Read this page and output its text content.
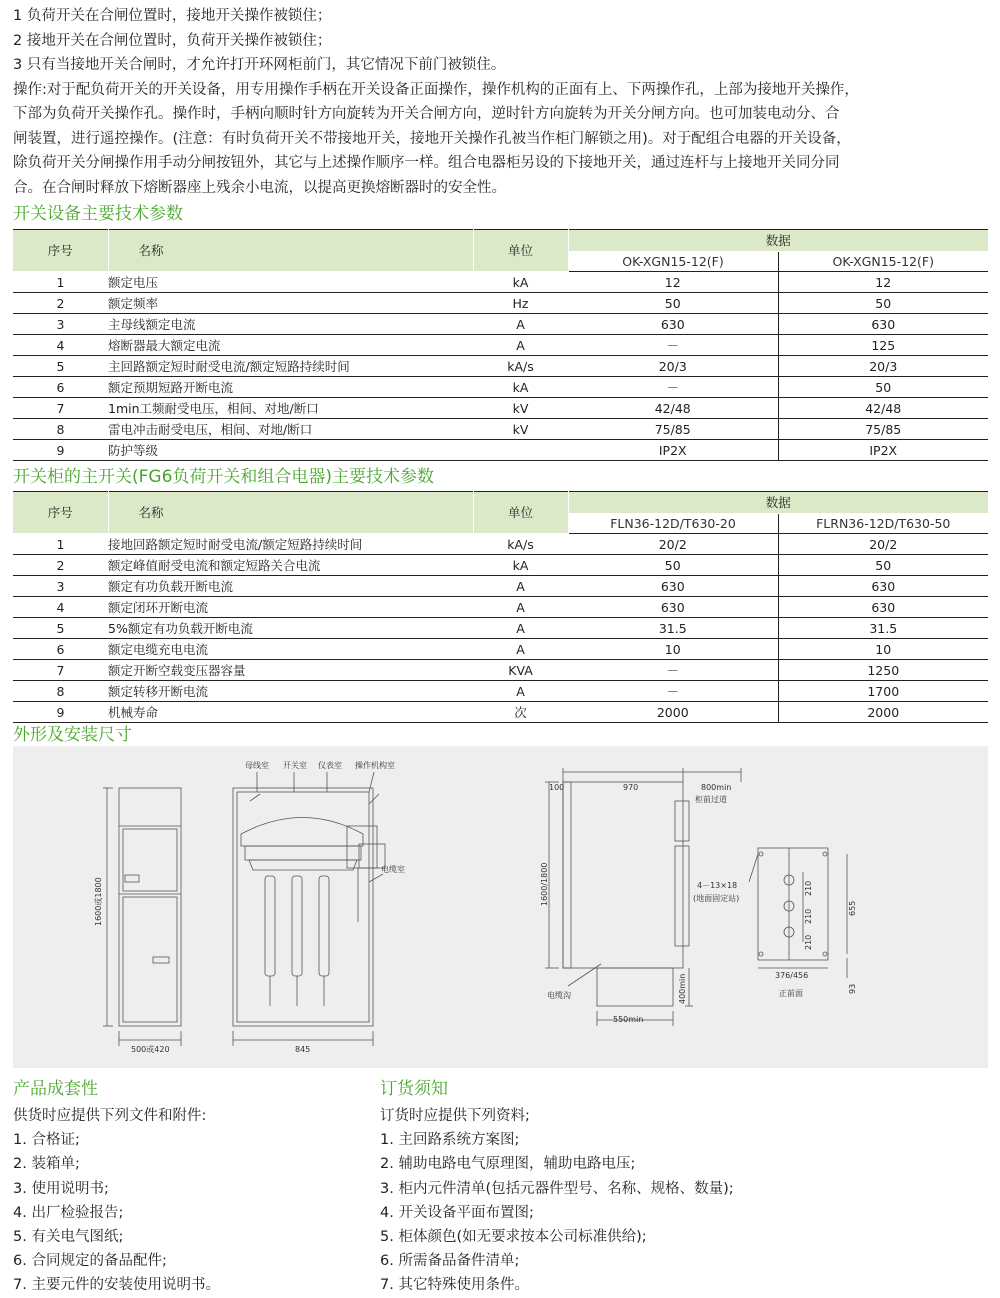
1 负荷开关在合闸位置时，接地开关操作被锁住；

2 接地开关在合闸位置时，负荷开关操作被锁住；

3 只有当接地开关合闸时，才允许打开环网柜前门，其它情况下前门被锁住。

操作:对于配负荷开关的开关设备，用专用操作手柄在开关设备正面操作，操作机构的正面有上、下两操作孔，上部为接地开关操作，

下部为负荷开关操作孔。操作时，手柄向顺时针方向旋转为开关合闸方向，逆时针方向旋转为开关分闸方向。也可加装电动分、合

闸装置，进行遥控操作。(注意：有时负荷开关不带接地开关，接地开关操作孔被当作柜门解锁之用)。对于配组合电器的开关设备，

除负荷开关分闸操作用手动分闸按钮外，其它与上述操作顺序一样。组合电器柜另设的下接地开关，通过连杆与上接地开关同分同

合。在合闸时释放下熔断器座上残余小电流，以提高更换熔断器时的安全性。

开关设备主要技术参数
序号	名称	单位	数据	
			OK-XGN15-12(F)	OK-XGN15-12(F)
1	额定电压	kA	12	12
2	额定频率	Hz	50	50
3	主母线额定电流	A	630	630
4	熔断器最大额定电流	A	－	125
5	主回路额定短时耐受电流/额定短路持续时间	kA/s	20/3	20/3
6	额定预期短路开断电流	kA	－	50
7	1min工频耐受电压，相间、对地/断口	kV	42/48	42/48
8	雷电冲击耐受电压，相间、对地/断口	kV	75/85	75/85
9	防护等级		IP2X	IP2X
开关柜的主开关(FG6负荷开关和组合电器)主要技术参数
序号	名称	单位	数据	
			FLN36-12D/T630-20	FLRN36-12D/T630-50
1	接地回路额定短时耐受电流/额定短路持续时间	kA/s	20/2	20/2
2	额定峰值耐受电流和额定短路关合电流	kA	50	50
3	额定有功负载开断电流	A	630	630
4	额定闭环开断电流	A	630	630
5	5%额定有功负载开断电流	A	31.5	31.5
6	额定电缆充电电流	A	10	10
7	额定开断空载变压器容量	KVA	－	1250
8	额定转移开断电流	A	－	1700
9	机械寿命	次	2000	2000
外形及安装尺寸
母线室 开关室 仪表室 操作机构室
电缆室
1600或1800
500或420	845
100	970	800min
柜前过道
1600/1800
电缆沟	400min
550min
4－13×18
(地面固定站)
210
210
210
655
376/456
93
正前面
产品成套性

供货时应提供下列文件和附件:

1. 合格证;

2. 装箱单;

3. 使用说明书;

4. 出厂检验报告;

5. 有关电气图纸;

6. 合同规定的备品配件;

7. 主要元件的安装使用说明书。

订货须知

订货时应提供下列资料;

1. 主回路系统方案图;

2. 辅助电路电气原理图，辅助电路电压;

3. 柜内元件清单(包括元器件型号、名称、规格、数量);

4. 开关设备平面布置图;

5. 柜体颜色(如无要求按本公司标准供给);

6. 所需备品备件清单;

7. 其它特殊使用条件。
